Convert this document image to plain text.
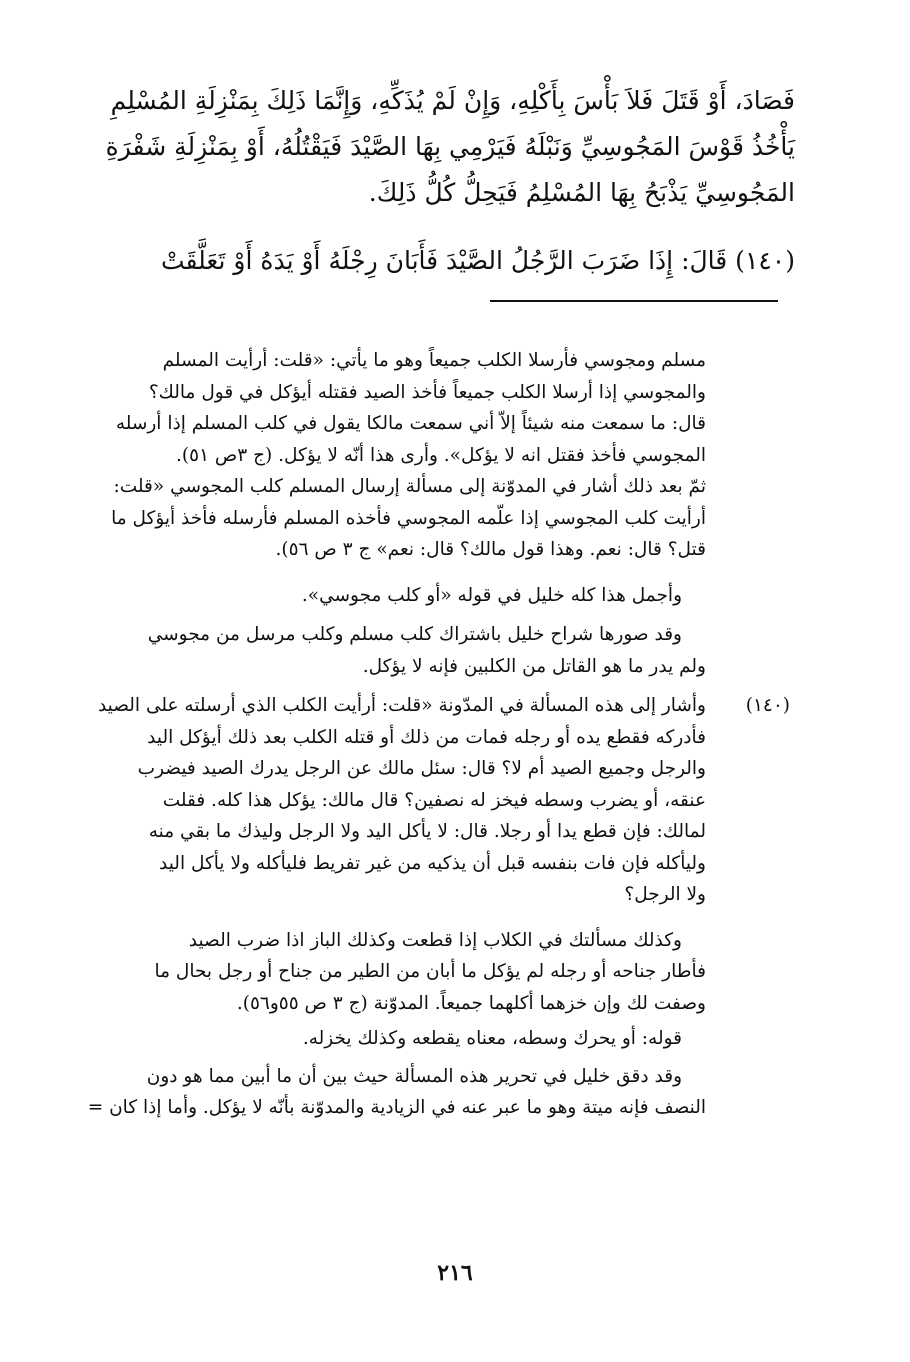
فَصَادَ، أَوْ قَتَلَ فَلاَ بَأْسَ بِأَكْلِهِ، وَإِنْ لَمْ يُذَكِّهِ، وَإِنَّمَا ذَلِكَ بِمَنْزِلَةِ المُسْلِمِ
يَأْخُذُ قَوْسَ المَجُوسِيِّ وَنَبْلَهُ فَيَرْمِي بِهَا الصَّيْدَ فَيَقْتُلُهُ، أَوْ بِمَنْزِلَةِ شَفْرَةِ
المَجُوسِيِّ يَذْبَحُ بِهَا المُسْلِمُ فَيَحِلُّ كُلُّ ذَلِكَ.
(١٤٠) قَالَ: إِذَا ضَرَبَ الرَّجُلُ الصَّيْدَ فَأَبَانَ رِجْلَهُ أَوْ يَدَهُ أَوْ تَعَلَّقَتْ
مسلم ومجوسي فأرسلا الكلب جميعاً وهو ما يأتي: «قلت: أرأيت المسلم
والمجوسي إذا أرسلا الكلب جميعاً فأخذ الصيد فقتله أيؤكل في قول مالك؟
قال: ما سمعت منه شيئاً إلاّ أني سمعت مالكا يقول في كلب المسلم إذا أرسله
المجوسي فأخذ فقتل انه لا يؤكل». وأرى هذا أنّه لا يؤكل. (ج ٣ص ٥١).
ثمّ بعد ذلك أشار في المدوّنة إلى مسألة إرسال المسلم كلب المجوسي «قلت:
أرأيت كلب المجوسي إذا علّمه المجوسي فأخذه المسلم فأرسله فأخذ أيؤكل ما
قتل؟ قال: نعم. وهذا قول مالك؟ قال: نعم» ج ٣ ص ٥٦).
وأجمل هذا كله خليل في قوله «أو كلب مجوسي».
وقد صورها شراح خليل باشتراك كلب مسلم وكلب مرسل من مجوسي
ولم يدر ما هو القاتل من الكلبين فإنه لا يؤكل.
(١٤٠)
وأشار إلى هذه المسألة في المدّونة «قلت: أرأيت الكلب الذي أرسلته على الصيد
فأدركه فقطع يده أو رجله فمات من ذلك أو قتله الكلب بعد ذلك أيؤكل اليد
والرجل وجميع الصيد أم لا؟ قال: سئل مالك عن الرجل يدرك الصيد فيضرب
عنقه، أو يضرب وسطه فيخز له نصفين؟ قال مالك: يؤكل هذا كله. فقلت
لمالك: فإن قطع يدا أو رجلا. قال: لا يأكل اليد ولا الرجل وليذك ما بقي منه
وليأكله فإن فات بنفسه قبل أن يذكيه من غير تفريط فليأكله ولا يأكل اليد
ولا الرجل؟
وكذلك مسألتك في الكلاب إذا قطعت وكذلك الباز اذا ضرب الصيد
فأطار جناحه أو رجله لم يؤكل ما أبان من الطير من جناح أو رجل بحال ما
وصفت لك وإن خزهما أكلهما جميعاً. المدوّنة (ج ٣ ص ٥٥و٥٦).
قوله: أو يحرك وسطه، معناه يقطعه وكذلك يخزله.
وقد دقق خليل في تحرير هذه المسألة حيث بين أن ما أبين مما هو دون
النصف فإنه ميتة وهو ما عبر عنه في الزيادية والمدوّنة بأنّه لا يؤكل. وأما إذا كان =
٢١٦
